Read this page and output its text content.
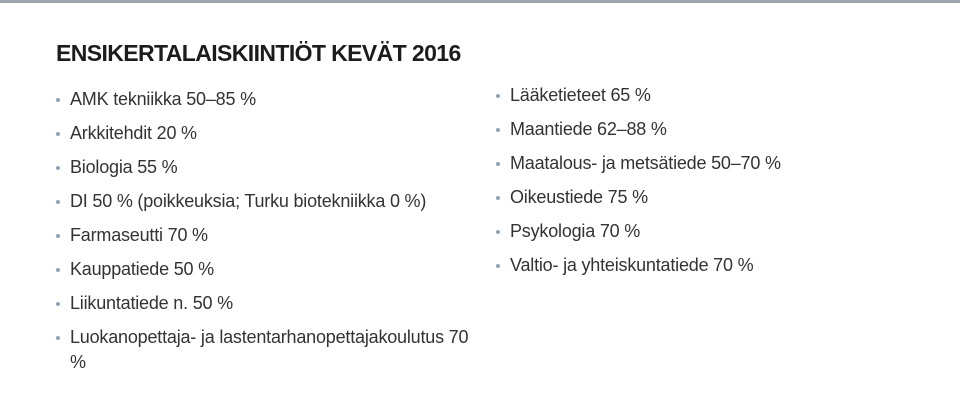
ENSIKERTALAISKIINTIÖT KEVÄT 2016
AMK tekniikka 50–85 %
Arkkitehdit 20 %
Biologia 55 %
DI 50 % (poikkeuksia; Turku biotekniikka 0 %)
Farmaseutti 70 %
Kauppatiede 50 %
Liikuntatiede n. 50 %
Luokanopettaja- ja lastentarhanopettajakoulutus 70 %
Lääketieteet 65 %
Maantiede 62–88 %
Maatalous- ja metsätiede 50–70 %
Oikeustiede 75 %
Psykologia 70 %
Valtio- ja yhteiskuntatiede 70 %
